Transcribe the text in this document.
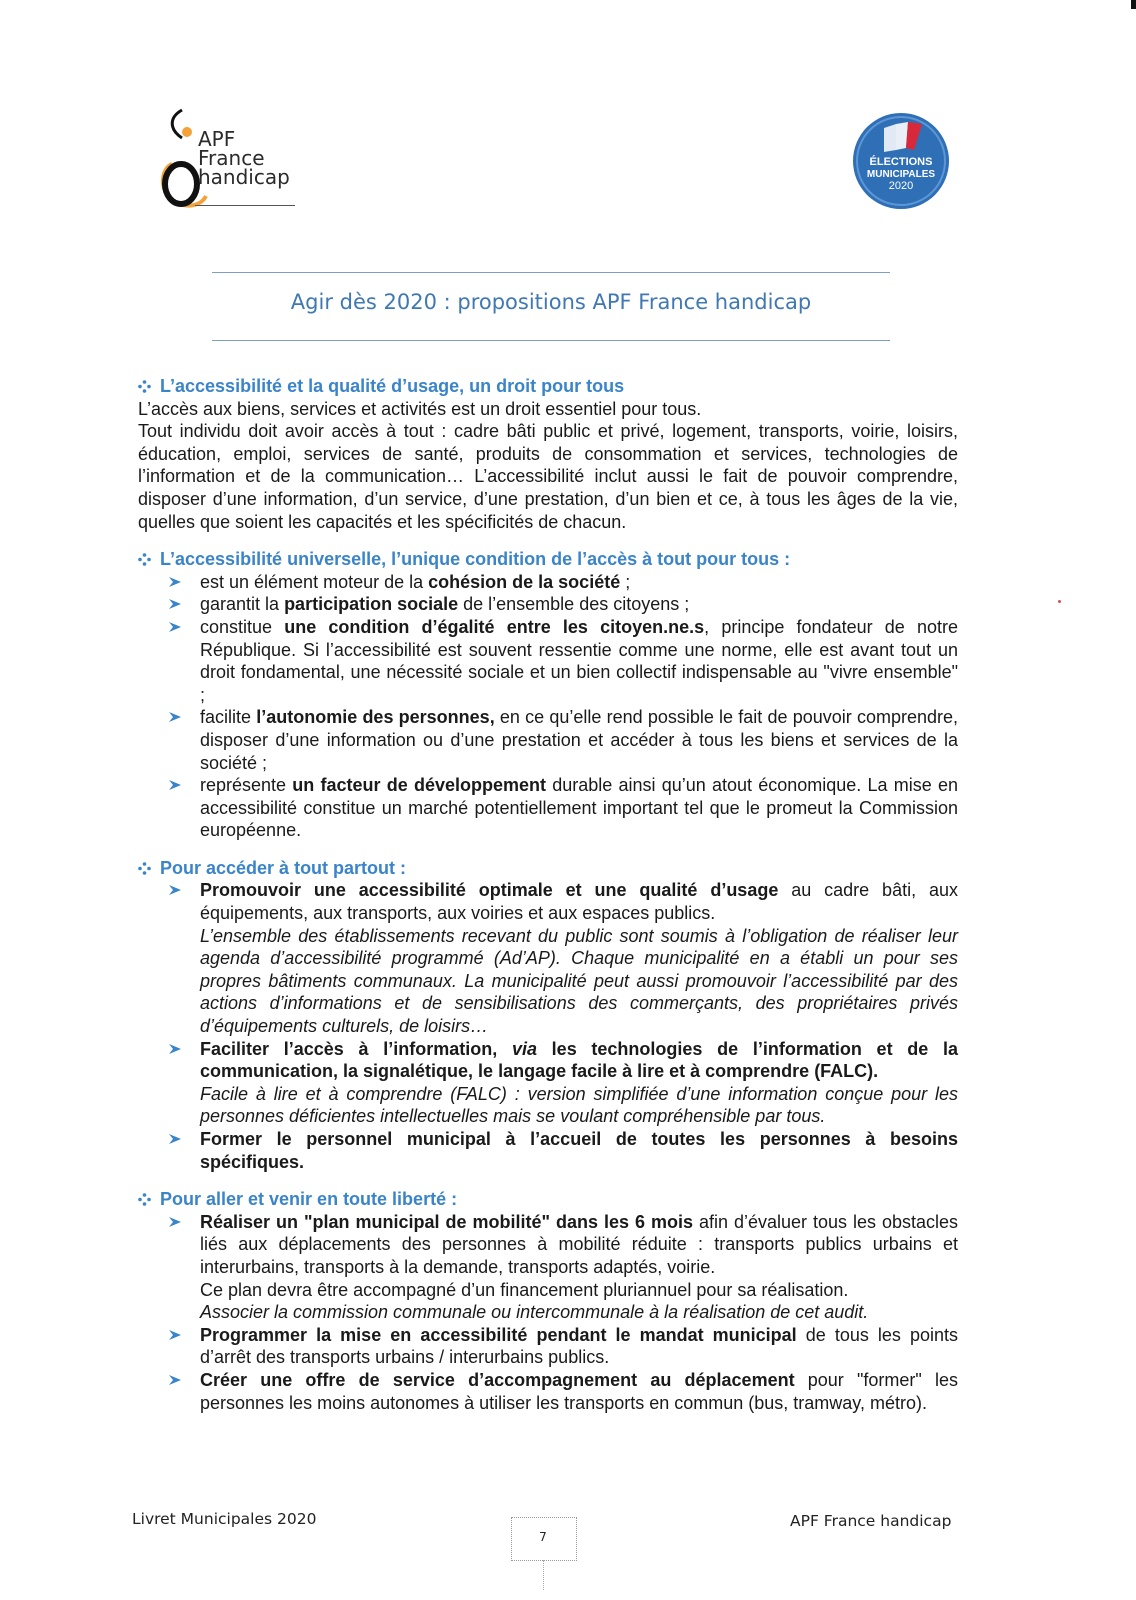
APF
France
handicap
ÉLECTIONS
MUNICIPALES
2020
Agir dès 2020 : propositions APF France handicap
L’accessibilité et la qualité d’usage, un droit pour tous
L’accès aux biens, services et activités est un droit essentiel pour tous.
Tout individu doit avoir accès à tout : cadre bâti public et privé, logement, transports, voirie, loisirs, éducation, emploi, services de santé, produits de consommation et services, technologies de l’information et de la communication… L’accessibilité inclut aussi le fait de pouvoir comprendre, disposer d’une information, d’un service, d’une prestation, d’un bien et ce, à tous les âges de la vie, quelles que soient les capacités et les spécificités de chacun.
L’accessibilité universelle, l’unique condition de l’accès à tout pour tous :
est un élément moteur de la cohésion de la société ;
garantit la participation sociale de l’ensemble des citoyens ;
constitue une condition d’égalité entre les citoyen.ne.s, principe fondateur de notre République. Si l’accessibilité est souvent ressentie comme une norme, elle est avant tout un droit fondamental, une nécessité sociale et un bien collectif indispensable au "vivre ensemble" ;
facilite l’autonomie des personnes, en ce qu’elle rend possible le fait de pouvoir comprendre, disposer d’une information ou d’une prestation et accéder à tous les biens et services de la société ;
représente un facteur de développement durable ainsi qu’un atout économique. La mise en accessibilité constitue un marché potentiellement important tel que le promeut la Commission européenne.
Pour accéder à tout partout :
Promouvoir une accessibilité optimale et une qualité d’usage au cadre bâti, aux équipements, aux transports, aux voiries et aux espaces publics.
L’ensemble des établissements recevant du public sont soumis à l’obligation de réaliser leur agenda d’accessibilité programmé (Ad’AP). Chaque municipalité en a établi un pour ses propres bâtiments communaux. La municipalité peut aussi promouvoir l’accessibilité par des actions d’informations et de sensibilisations des commerçants, des propriétaires privés d’équipements culturels, de loisirs…
Faciliter l’accès à l’information, via les technologies de l’information et de la communication, la signalétique, le langage facile à lire et à comprendre (FALC).
Facile à lire et à comprendre (FALC) : version simplifiée d’une information conçue pour les personnes déficientes intellectuelles mais se voulant compréhensible par tous.
Former le personnel municipal à l’accueil de toutes les personnes à besoins spécifiques.
Pour aller et venir en toute liberté :
Réaliser un "plan municipal de mobilité" dans les 6 mois afin d’évaluer tous les obstacles liés aux déplacements des personnes à mobilité réduite : transports publics urbains et interurbains, transports à la demande, transports adaptés, voirie.
Ce plan devra être accompagné d’un financement pluriannuel pour sa réalisation.
Associer la commission communale ou intercommunale à la réalisation de cet audit.
Programmer la mise en accessibilité pendant le mandat municipal de tous les points d’arrêt des transports urbains / interurbains publics.
Créer une offre de service d’accompagnement au déplacement pour "former" les personnes les moins autonomes à utiliser les transports en commun (bus, tramway, métro).
Livret Municipales 2020
7
APF France handicap
